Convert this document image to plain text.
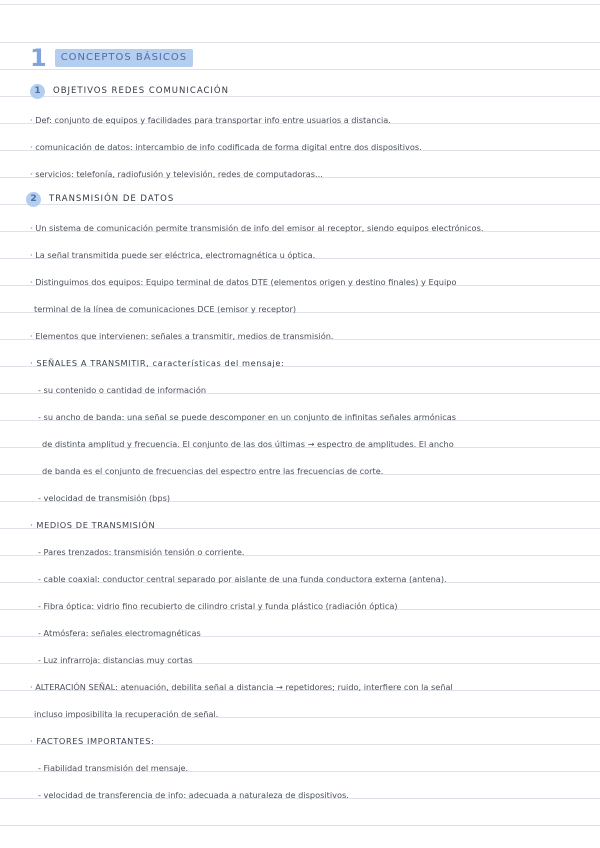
1	CONCEPTOS BÁSICOS
1	OBJETIVOS REDES COMUNICACIÓN
· Def: conjunto de equipos y facilidades para transportar info entre usuarios a distancia.
· comunicación de datos: intercambio de info codificada de forma digital entre dos dispositivos.
· servicios: telefonía, radiofusión y televisión, redes de computadoras...
2	TRANSMISIÓN DE DATOS
· Un sistema de comunicación permite transmisión de info del emisor al receptor, siendo equipos electrónicos.
· La señal transmitida puede ser eléctrica, electromagnética u óptica.
· Distinguimos dos equipos: Equipo terminal de datos DTE (elementos origen y destino finales) y Equipo
terminal de la línea de comunicaciones DCE (emisor y receptor)
· Elementos que intervienen: señales a transmitir, medios de transmisión.
· SEÑALES A TRANSMITIR, características del mensaje:
- su contenido o cantidad de información
- su ancho de banda: una señal se puede descomponer en un conjunto de infinitas señales armónicas
de distinta amplitud y frecuencia. El conjunto de las dos últimas → espectro de amplitudes. El ancho
de banda es el conjunto de frecuencias del espectro entre las frecuencias de corte.
- velocidad de transmisión (bps)
· MEDIOS DE TRANSMISIÓN
- Pares trenzados: transmisión tensión o corriente.
- cable coaxial: conductor central separado por aislante de una funda conductora externa (antena).
- Fibra óptica: vidrio fino recubierto de cilindro cristal y funda plástico (radiación óptica)
- Atmósfera: señales electromagnéticas
- Luz infrarroja: distancias muy cortas
· ALTERACIÓN SEÑAL: atenuación, debilita señal a distancia → repetidores; ruido, interfiere con la señal
incluso imposibilita la recuperación de señal.
· FACTORES IMPORTANTES:
- Fiabilidad transmisión del mensaje.
- velocidad de transferencia de info: adecuada a naturaleza de dispositivos.
